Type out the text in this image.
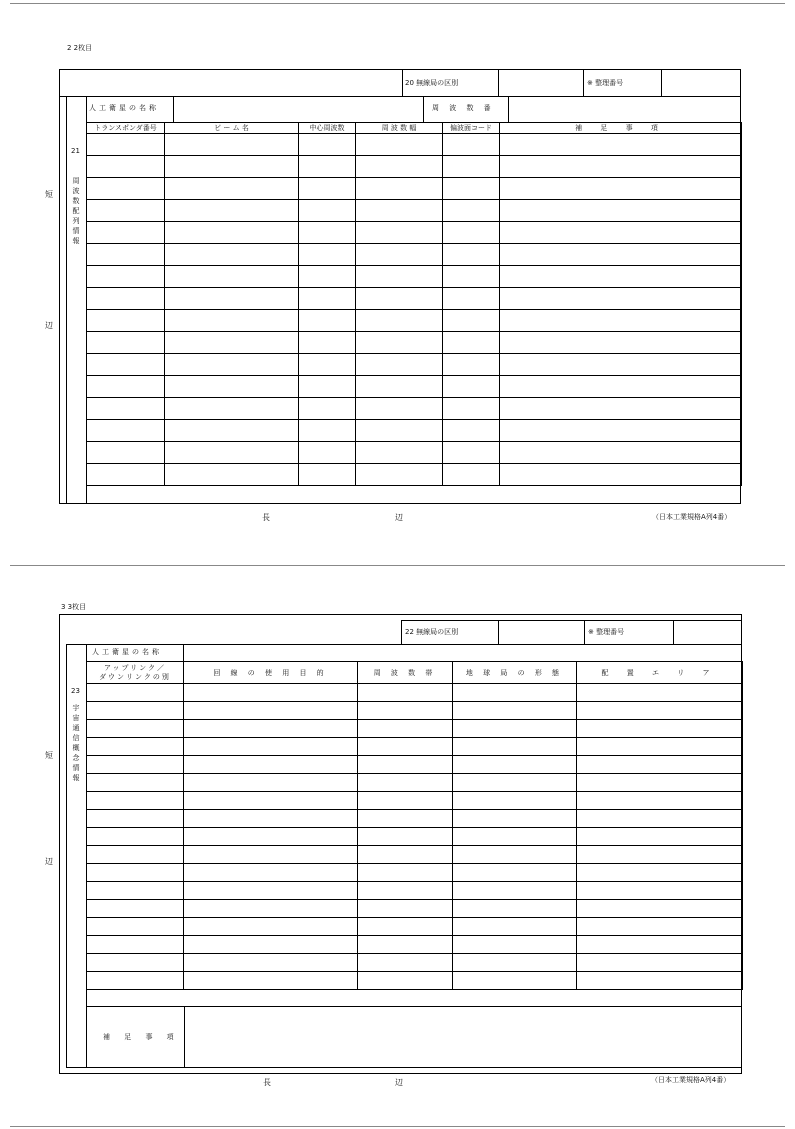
2 2枚目
20 無線局の区別	※ 整理番号
21
周波数配列情報
人工衛星の名称	周 波 数 番
トランスポンダ番号	ビ ー ム 名	中心周波数	周 波 数 幅	偏波面コード	補 足 事 項

短
辺
長	辺	（日本工業規格A列4番）
3 3枚目
22 無線局の区別	※ 整理番号
23
宇宙通信概念情報
人工衛星の名称
アップリンク／
ダウンリンクの別	回 線 の 使 用 目 的	周 波 数 帯	地 球 局 の 形 態	配 置 エ リ ア

補 足 事 項
短
辺
長	辺	（日本工業規格A列4番）
